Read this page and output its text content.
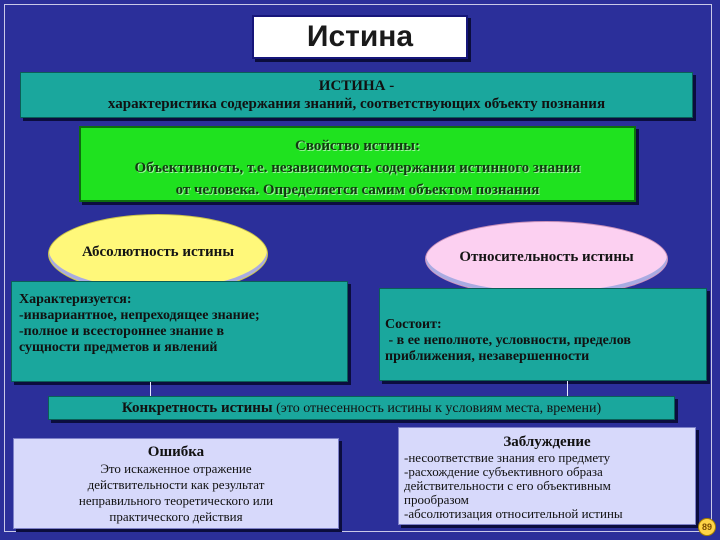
Истина
ИСТИНА -
характеристика содержания знаний, соответствующих объекту познания
Свойство истины:
Объективность, т.е. независимость содержания истинного знания
от человека. Определяется самим объектом познания
Абсолютность истины	Относительность истины
Характеризуется:
-инвариантное, непреходящее знание;
-полное и всестороннее знание в
сущности предметов и явлений
Состоит:
- в ее неполноте, условности, пределов
приближения, незавершенности
Конкретность истины (это отнесенность истины к условиям места, времени)
Ошибка
Это искаженное отражение
действительности как результат
неправильного теоретического или
практического действия
Заблуждение
-несоответствие знания его предмету
-расхождение субъективного образа
действительности с его объективным
прообразом
-абсолютизация относительной истины
89
